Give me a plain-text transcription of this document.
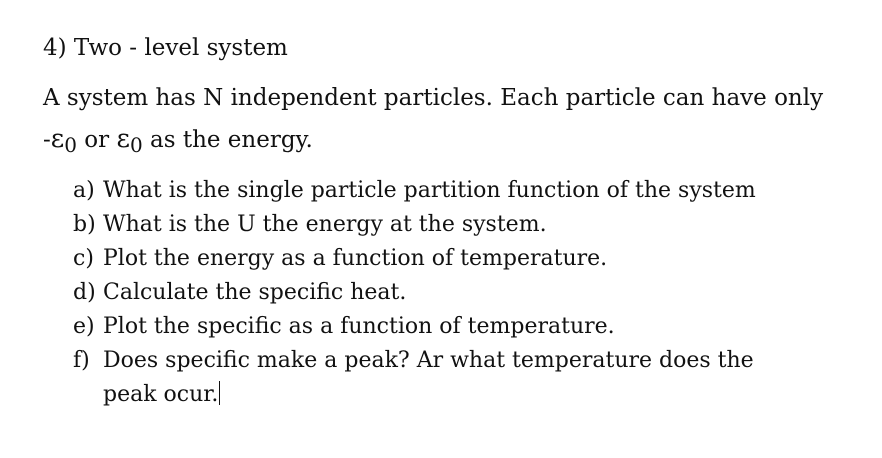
4) Two - level system
A system has N independent particles. Each particle can have only
-ε0 or ε0 as the energy.
a) What is the single particle partition function of the system
b) What is the U the energy at the system.
c) Plot the energy as a function of temperature.
d) Calculate the specific heat.
e) Plot the specific as a function of temperature.
f) Does specific make a peak? Ar what temperature does the
peak ocur.
